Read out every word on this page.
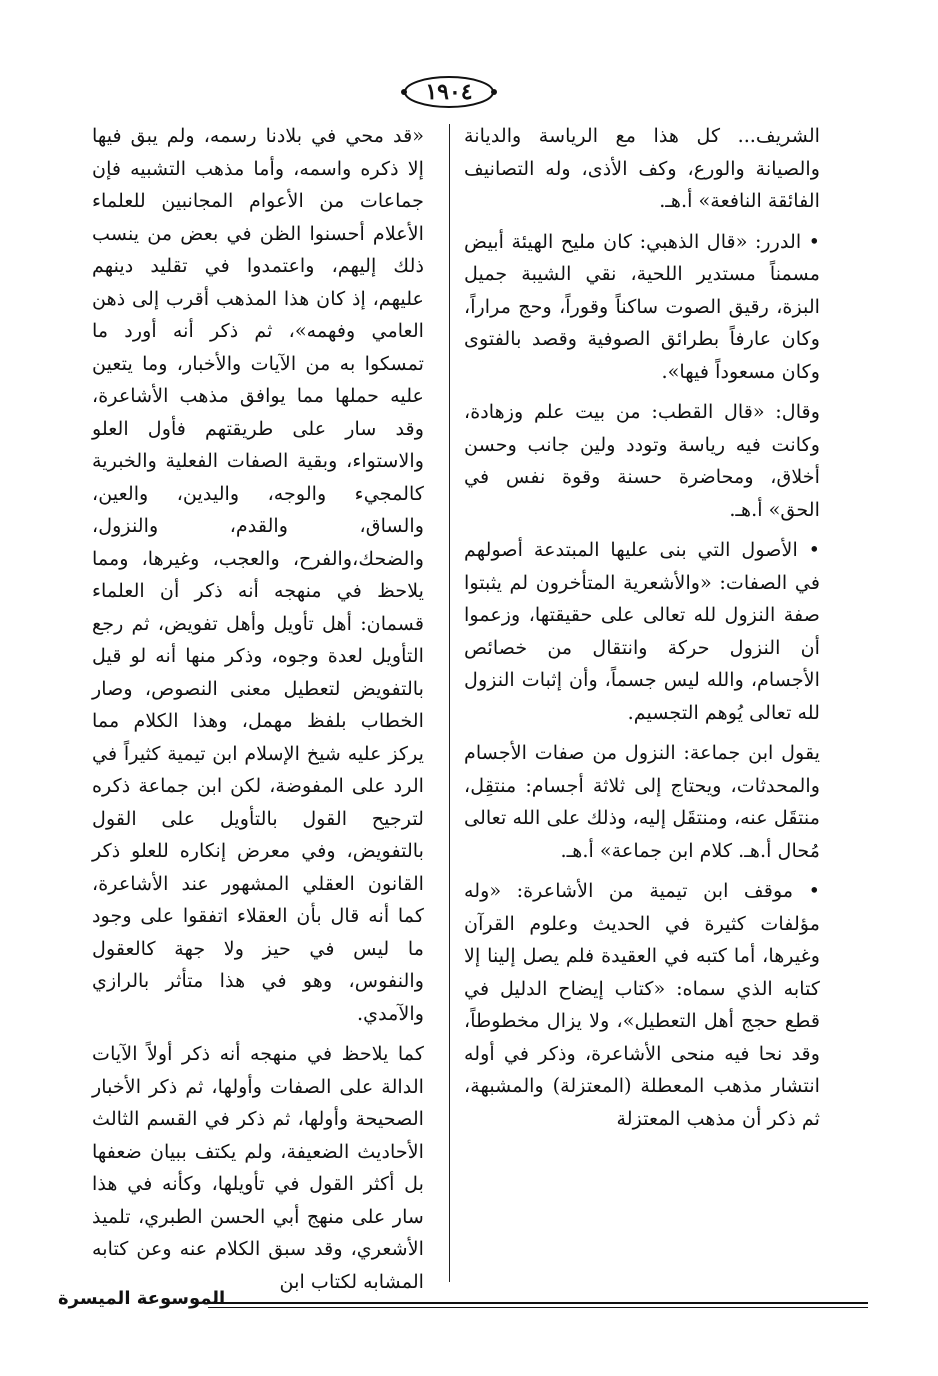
١٩٠٤

الشريف... كل هذا مع الرياسة والديانة والصيانة والورع، وكف الأذى، وله التصانيف الفائقة النافعة» أ.هـ.

• الدرر: «قال الذهبي: كان مليح الهيئة أبيض مسمناً مستدير اللحية، نقي الشيبة جميل البزة، رقيق الصوت ساكناً وقوراً، وحج مراراً، وكان عارفاً بطرائق الصوفية وقصد بالفتوى وكان مسعوداً فيها».

وقال: «قال القطب: من بيت علم وزهادة، وكانت فيه رياسة وتودد ولين جانب وحسن أخلاق، ومحاضرة حسنة وقوة نفس في الحق» أ.هـ.

• الأصول التي بنى عليها المبتدعة أصولهم في الصفات: «والأشعرية المتأخرون لم يثبتوا صفة النزول لله تعالى على حقيقتها، وزعموا أن النزول حركة وانتقال من خصائص الأجسام، والله ليس جسماً، وأن إثبات النزول لله تعالى يُوهم التجسيم.

يقول ابن جماعة: النزول من صفات الأجسام والمحدثات، ويحتاج إلى ثلاثة أجسام: منتقِل، منتقَل عنه، ومنتقَل إليه، وذلك على الله تعالى مُحال أ.هـ. كلام ابن جماعة» أ.هـ.

• موقف ابن تيمية من الأشاعرة: «وله مؤلفات كثيرة في الحديث وعلوم القرآن وغيرها، أما كتبه في العقيدة فلم يصل إلينا إلا كتابه الذي سماه: «كتاب إيضاح الدليل في قطع حجج أهل التعطيل»، ولا يزال مخطوطاً، وقد نحا فيه منحى الأشاعرة، وذكر في أوله انتشار مذهب المعطلة (المعتزلة) والمشبهة، ثم ذكر أن مذهب المعتزلة

«قد محي في بلادنا رسمه، ولم يبق فيها إلا ذكره واسمه، وأما مذهب التشبيه فإن جماعات من الأعوام المجانبين للعلماء الأعلام أحسنوا الظن في بعض من ينسب ذلك إليهم، واعتمدوا في تقليد دينهم عليهم، إذ كان هذا المذهب أقرب إلى ذهن العامي وفهمه»، ثم ذكر أنه أورد ما تمسكوا به من الآيات والأخبار، وما يتعين عليه حملها مما يوافق مذهب الأشاعرة، وقد سار على طريقتهم فأول العلو والاستواء، وبقية الصفات الفعلية والخبرية كالمجيء والوجه، واليدين، والعين، والساق، والقدم، والنزول، والضحك،والفرح، والعجب، وغيرها، ومما يلاحظ في منهجه أنه ذكر أن العلماء قسمان: أهل تأويل وأهل تفويض، ثم رجع التأويل لعدة وجوه، وذكر منها أنه لو قيل بالتفويض لتعطيل معنى النصوص، وصار الخطاب بلفظ مهمل، وهذا الكلام مما يركز عليه شيخ الإسلام ابن تيمية كثيراً في الرد على المفوضة، لكن ابن جماعة ذكره لترجيح القول بالتأويل على القول بالتفويض، وفي معرض إنكاره للعلو ذكر القانون العقلي المشهور عند الأشاعرة، كما أنه قال بأن العقلاء اتفقوا على وجود ما ليس في حيز ولا جهة كالعقول والنفوس، وهو في هذا متأثر بالرازي والآمدي.

كما يلاحظ في منهجه أنه ذكر أولاً الآيات الدالة على الصفات وأولها، ثم ذكر الأخبار الصحيحة وأولها، ثم ذكر في القسم الثالث الأحاديث الضعيفة، ولم يكتف ببيان ضعفها بل أكثر القول في تأويلها، وكأنه في هذا سار على منهج أبي الحسن الطبري، تلميذ الأشعري، وقد سبق الكلام عنه وعن كتابه المشابه لكتاب ابن

الموسوعة الميسرة
